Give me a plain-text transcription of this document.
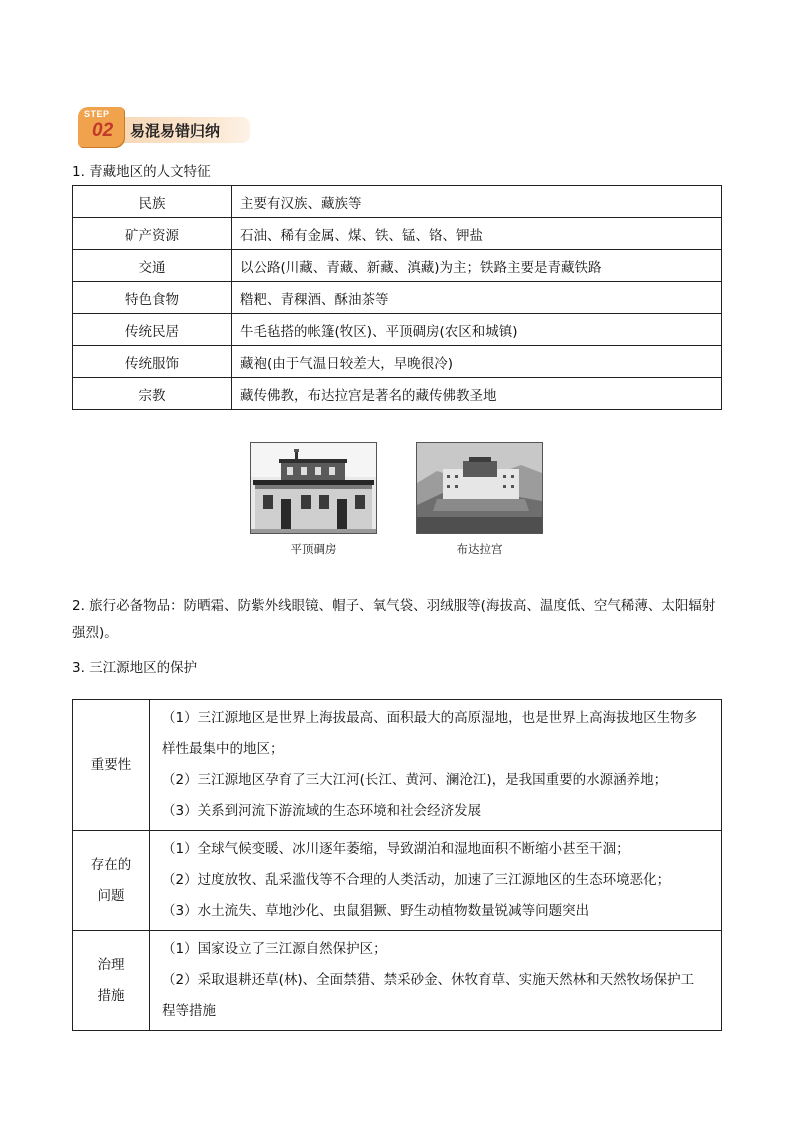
STEP
02 易混易错归纳
1. 青藏地区的人文特征
民族	主要有汉族、藏族等
矿产资源	石油、稀有金属、煤、铁、锰、铬、钾盐
交通	以公路(川藏、青藏、新藏、滇藏)为主；铁路主要是青藏铁路
特色食物	糌粑、青稞酒、酥油茶等
传统民居	牛毛毡搭的帐篷(牧区)、平顶碉房(农区和城镇)
传统服饰	藏袍(由于气温日较差大，早晚很冷)
宗教	藏传佛教，布达拉宫是著名的藏传佛教圣地
平顶碉房	布达拉宫
2. 旅行必备物品：防晒霜、防紫外线眼镜、帽子、氧气袋、羽绒服等(海拔高、温度低、空气稀薄、太阳辐射强烈)。
3. 三江源地区的保护
重要性	（1）三江源地区是世界上海拔最高、面积最大的高原湿地，也是世界上高海拔地区生物多
样性最集中的地区；
（2）三江源地区孕育了三大江河(长江、黄河、澜沧江)，是我国重要的水源涵养地；
（3）关系到河流下游流域的生态环境和社会经济发展

存在的
问题	（1）全球气候变暖、冰川逐年萎缩，导致湖泊和湿地面积不断缩小甚至干涸；
（2）过度放牧、乱采滥伐等不合理的人类活动，加速了三江源地区的生态环境恶化；
（3）水土流失、草地沙化、虫鼠猖獗、野生动植物数量锐减等问题突出

治理
措施	（1）国家设立了三江源自然保护区；
（2）采取退耕还草(林)、全面禁猎、禁采砂金、休牧育草、实施天然林和天然牧场保护工
程等措施
